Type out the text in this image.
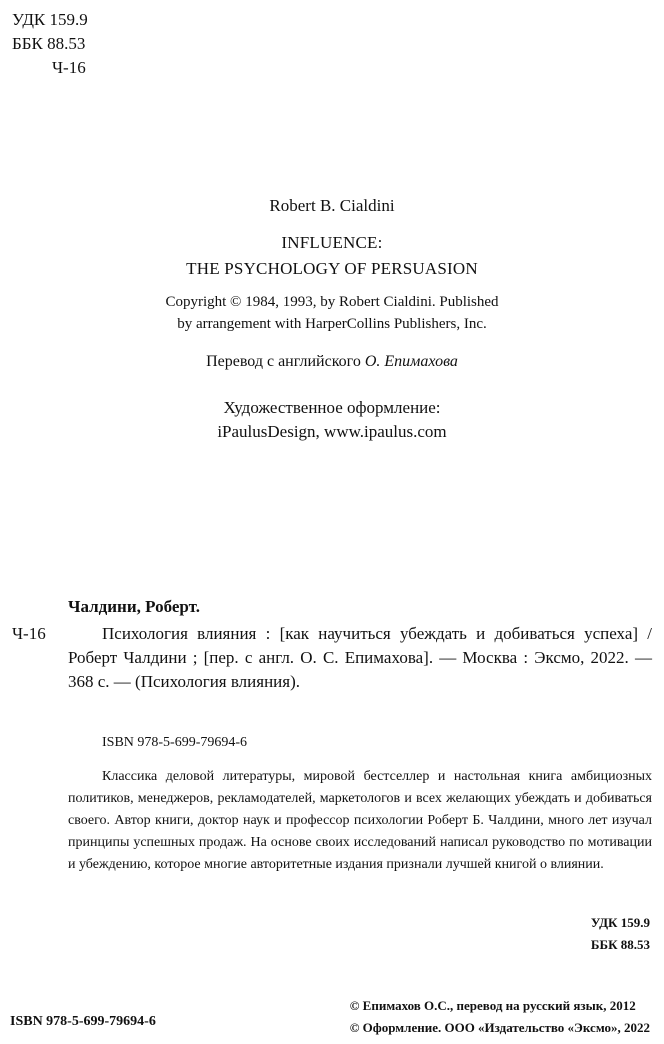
УДК 159.9
ББК 88.53
Ч-16
Robert B. Cialdini
INFLUENCE:
THE PSYCHOLOGY OF PERSUASION
Copyright © 1984, 1993, by Robert Cialdini. Published
by arrangement with HarperCollins Publishers, Inc.
Перевод с английского О. Епимахова
Художественное оформление:
iPaulusDesign, www.ipaulus.com
Чалдини, Роберт.
Ч-16	Психология влияния : [как научиться убеждать и добиваться успеха] / Роберт Чалдини ; [пер. с англ. О. С. Епимахова]. — Москва : Эксмо, 2022. — 368 с. — (Психология влияния).
ISBN 978-5-699-79694-6
Классика деловой литературы, мировой бестселлер и настольная книга амбициозных политиков, менеджеров, рекламодателей, маркетологов и всех желающих убеждать и добиваться своего. Автор книги, доктор наук и профессор психологии Роберт Б. Чалдини, много лет изучал принципы успешных продаж. На основе своих исследований написал руководство по мотивации и убеждению, которое многие авторитетные издания признали лучшей книгой о влиянии.
УДК 159.9
ББК 88.53
ISBN 978-5-699-79694-6
© Епимахов О.С., перевод на русский язык, 2012
© Оформление. ООО «Издательство «Эксмо», 2022
